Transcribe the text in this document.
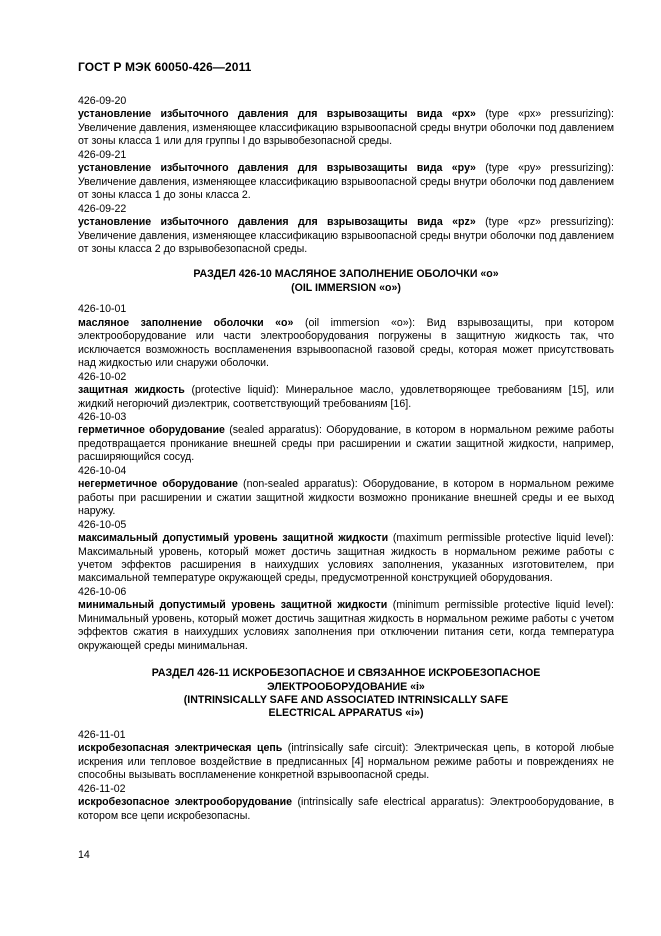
ГОСТ Р МЭК 60050-426—2011
426-09-20
установление избыточного давления для взрывозащиты вида «px» (type «px» pressurizing): Увеличение давления, изменяющее классификацию взрывоопасной среды внутри оболочки под давлением от зоны класса 1 или для группы I до взрывобезопасной среды.
426-09-21
установление избыточного давления для взрывозащиты вида «py» (type «py» pressurizing): Увеличение давления, изменяющее классификацию взрывоопасной среды внутри оболочки под давлением от зоны класса 1 до зоны класса 2.
426-09-22
установление избыточного давления для взрывозащиты вида «pz» (type «pz» pressurizing): Увеличение давления, изменяющее классификацию взрывоопасной среды внутри оболочки под давлением от зоны класса 2 до взрывобезопасной среды.
РАЗДЕЛ 426-10 МАСЛЯНОЕ ЗАПОЛНЕНИЕ ОБОЛОЧКИ «о»
(OIL IMMERSION «o»)
426-10-01
масляное заполнение оболочки «о» (oil immersion «o»): Вид взрывозащиты, при котором электрооборудование или части электрооборудования погружены в защитную жидкость так, что исключается возможность воспламенения взрывоопасной газовой среды, которая может присутствовать над жидкостью или снаружи оболочки.
426-10-02
защитная жидкость (protective liquid): Минеральное масло, удовлетворяющее требованиям [15], или жидкий негорючий диэлектрик, соответствующий требованиям [16].
426-10-03
герметичное оборудование (sealed apparatus): Оборудование, в котором в нормальном режиме работы предотвращается проникание внешней среды при расширении и сжатии защитной жидкости, например, расширяющийся сосуд.
426-10-04
негерметичное оборудование (non-sealed apparatus): Оборудование, в котором в нормальном режиме работы при расширении и сжатии защитной жидкости возможно проникание внешней среды и ее выход наружу.
426-10-05
максимальный допустимый уровень защитной жидкости (maximum permissible protective liquid level): Максимальный уровень, который может достичь защитная жидкость в нормальном режиме работы с учетом эффектов расширения в наихудших условиях заполнения, указанных изготовителем, при максимальной температуре окружающей среды, предусмотренной конструкцией оборудования.
426-10-06
минимальный допустимый уровень защитной жидкости (minimum permissible protective liquid level): Минимальный уровень, который может достичь защитная жидкость в нормальном режиме работы с учетом эффектов сжатия в наихудших условиях заполнения при отключении питания сети, когда температура окружающей среды минимальная.
РАЗДЕЛ 426-11 ИСКРОБЕЗОПАСНОЕ И СВЯЗАННОЕ ИСКРОБЕЗОПАСНОЕ
ЭЛЕКТРООБОРУДОВАНИЕ «i»
(INTRINSICALLY SAFE AND ASSOCIATED INTRINSICALLY SAFE
ELECTRICAL APPARATUS «i»)
426-11-01
искробезопасная электрическая цепь (intrinsically safe circuit): Электрическая цепь, в которой любые искрения или тепловое воздействие в предписанных [4] нормальном режиме работы и повреждениях не способны вызывать воспламенение конкретной взрывоопасной среды.
426-11-02
искробезопасное электрооборудование (intrinsically safe electrical apparatus): Электрооборудование, в котором все цепи искробезопасны.
14
